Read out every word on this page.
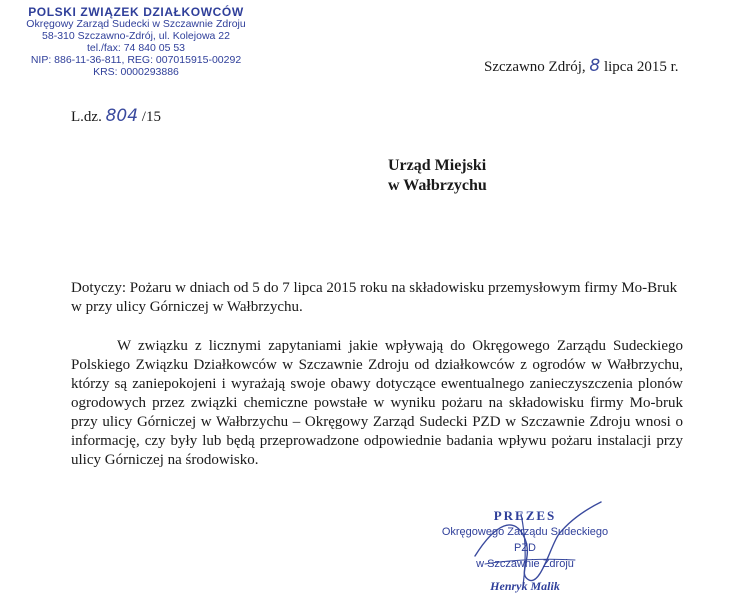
POLSKI ZWIĄZEK DZIAŁKOWCÓW
Okręgowy Zarząd Sudecki w Szczawnie Zdroju
58-310 Szczawno-Zdrój, ul. Kolejowa 22
tel./fax: 74 840 05 53
NIP: 886-11-36-811, REG: 007015915-00292
KRS: 0000293886	Szczawno Zdrój, 8 lipca 2015 r.
L.dz. 804 /15
Urząd Miejski
w Wałbrzychu
Dotyczy: Pożaru w dniach od 5 do 7 lipca 2015 roku na składowisku przemysłowym firmy Mo-Bruk w przy ulicy Górniczej w Wałbrzychu.

W związku z licznymi zapytaniami jakie wpływają do Okręgowego Zarządu Sudeckiego Polskiego Związku Działkowców w Szczawnie Zdroju od działkowców z ogrodów w Wałbrzychu, którzy są zaniepokojeni i wyrażają swoje obawy dotyczące ewentualnego zanieczyszczenia plonów ogrodowych przez związki chemiczne powstałe w wyniku pożaru na składowisku firmy Mo-bruk przy ulicy Górniczej w Wałbrzychu – Okręgowy Zarząd Sudecki PZD w Szczawnie Zdroju wnosi o informację, czy były lub będą przeprowadzone odpowiednie badania wpływu pożaru instalacji przy ulicy Górniczej na środowisko.

PREZES
Okręgowego Zarządu Sudeckiego PZD
w Szczawnie Zdroju
Henryk Malik
